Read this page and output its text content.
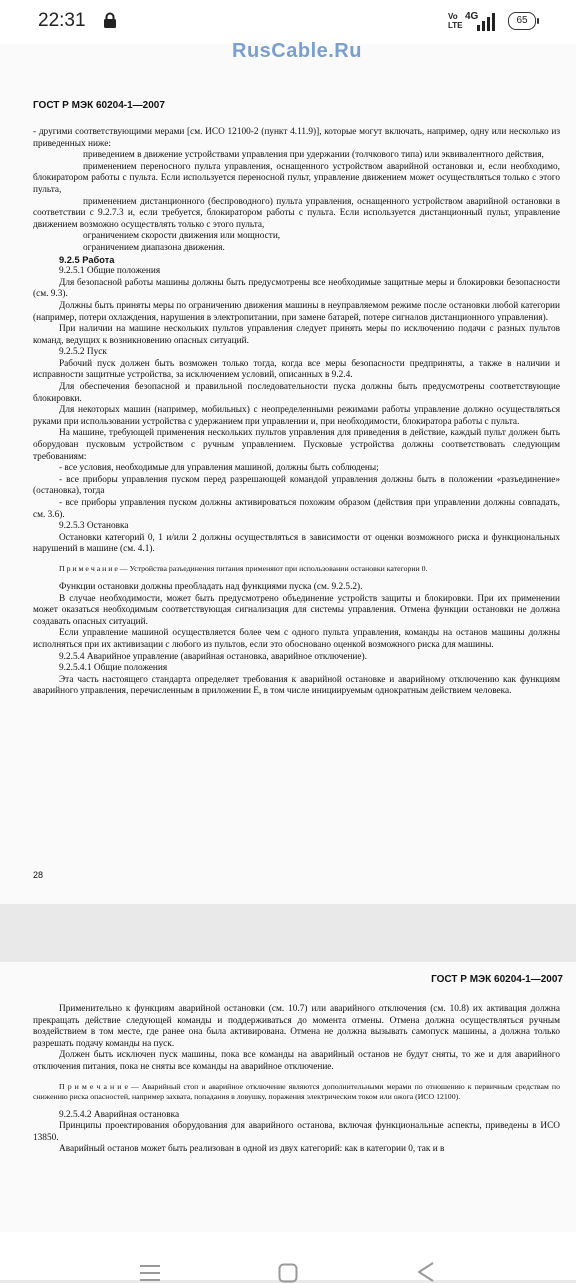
22:31	Vo
LTE
4G	65
RusCable.Ru
ГОСТ Р МЭК 60204-1—2007

- другими соответствующими мерами [см. ИСО 12100-2 (пункт 4.11.9)], которые могут включать, например, одну или несколько из приведенных ниже:

приведением в движение устройствами управления при удержании (толчкового типа) или эквивалентного действия,

применением переносного пульта управления, оснащенного устройством аварийной остановки и, если необходимо, блокиратором работы с пульта. Если используется переносной пульт, управление движением может осуществляться только с этого пульта,

применением дистанционного (беспроводного) пульта управления, оснащенного устройством аварийной остановки в соответствии с 9.2.7.3 и, если требуется, блокиратором работы с пульта. Если используется дистанционный пульт, управление движением возможно осуществлять только с этого пульта,

ограничением скорости движения или мощности,

ограничением диапазона движения.

9.2.5 Работа

9.2.5.1 Общие положения

Для безопасной работы машины должны быть предусмотрены все необходимые защитные меры и блокировки безопасности (см. 9.3).

Должны быть приняты меры по ограничению движения машины в неуправляемом режиме после остановки любой категории (например, потери охлаждения, нарушения в электропитании, при замене батарей, потере сигналов дистанционного управления).

При наличии на машине нескольких пультов управления следует принять меры по исключению подачи с разных пультов команд, ведущих к возникновению опасных ситуаций.

9.2.5.2 Пуск

Рабочий пуск должен быть возможен только тогда, когда все меры безопасности предприняты, а также в наличии и исправности защитные устройства, за исключением условий, описанных в 9.2.4.

Для обеспечения безопасной и правильной последовательности пуска должны быть предусмотрены соответствующие блокировки.

Для некоторых машин (например, мобильных) с неопределенными режимами работы управление должно осуществляться руками при использовании устройства с удержанием при управлении и, при необходимости, блокиратора работы с пульта.

На машине, требующей применения нескольких пультов управления для приведения в действие, каждый пульт должен быть оборудован пусковым устройством с ручным управлением. Пусковые устройства должны соответствовать следующим требованиям:

- все условия, необходимые для управления машиной, должны быть соблюдены;

- все приборы управления пуском перед разрешающей командой управления должны быть в положении «разъединение» (остановка), тогда

- все приборы управления пуском должны активироваться похожим образом (действия при управлении должны совпадать, см. 3.6).

9.2.5.3 Остановка

Остановки категорий 0, 1 и/или 2 должны осуществляться в зависимости от оценки возможного риска и функциональных нарушений в машине (см. 4.1).

П р и м е ч а н и е — Устройства разъединения питания применяют при использовании остановки категории 0.

Функции остановки должны преобладать над функциями пуска (см. 9.2.5.2).

В случае необходимости, может быть предусмотрено объединение устройств защиты и блокировки. При их применении может оказаться необходимым соответствующая сигнализация для системы управления. Отмена функции остановки не должна создавать опасных ситуаций.

Если управление машиной осуществляется более чем с одного пульта управления, команды на останов машины должны исполняться при их активизации с любого из пультов, если это обосновано оценкой возможного риска для машины.

9.2.5.4 Аварийное управление (аварийная остановка, аварийное отключение).

9.2.5.4.1 Общие положения

Эта часть настоящего стандарта определяет требования к аварийной остановке и аварийному отключению как функциям аварийного управления, перечисленным в приложении Е, в том числе инициируемым однократным действием человека.

28
ГОСТ Р МЭК 60204-1—2007

Применительно к функциям аварийной остановки (см. 10.7) или аварийного отключения (см. 10.8) их активация должна прекращать действие следующей команды и поддерживаться до момента отмены. Отмена должна осуществляться ручным воздействием в том месте, где ранее она была активирована. Отмена не должна вызывать самопуск машины, а должна только разрешать подачу команды на пуск.

Должен быть исключен пуск машины, пока все команды на аварийный останов не будут сняты, то же и для аварийного отключения питания, пока не сняты все команды на аварийное отключение.

П р и м е ч а н и е — Аварийный стоп и аварийное отключение являются дополнительными мерами по отношению к первичным средствам по снижению риска опасностей, например захвата, попадания в ловушку, поражения электрическим током или ожога (ИСО 12100).

9.2.5.4.2 Аварийная остановка

Принципы проектирования оборудования для аварийного останова, включая функциональные аспекты, приведены в ИСО 13850.

Аварийный останов может быть реализован в одной из двух категорий: как в категории 0, так и в
